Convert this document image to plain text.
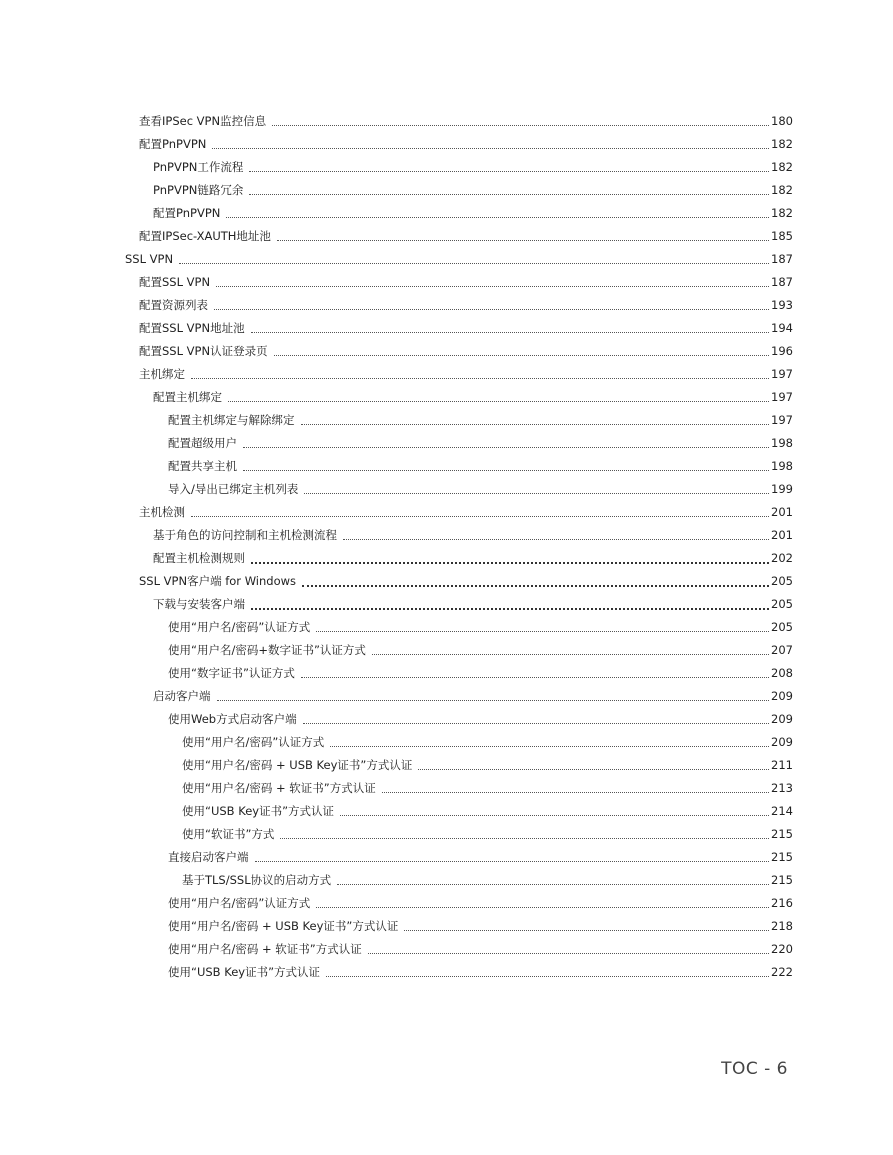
查看IPSec VPN监控信息	180
配置PnPVPN	182
PnPVPN工作流程	182
PnPVPN链路冗余	182
配置PnPVPN	182
配置IPSec-XAUTH地址池	185
SSL VPN	187
配置SSL VPN	187
配置资源列表	193
配置SSL VPN地址池	194
配置SSL VPN认证登录页	196
主机绑定	197
配置主机绑定	197
配置主机绑定与解除绑定	197
配置超级用户	198
配置共享主机	198
导入/导出已绑定主机列表	199
主机检测	201
基于角色的访问控制和主机检测流程	201
配置主机检测规则	202
SSL VPN客户端 for Windows	205
下载与安装客户端	205
使用“用户名/密码”认证方式	205
使用“用户名/密码+数字证书”认证方式	207
使用“数字证书”认证方式	208
启动客户端	209
使用Web方式启动客户端	209
使用“用户名/密码”认证方式	209
使用“用户名/密码 + USB Key证书”方式认证	211
使用“用户名/密码 + 软证书”方式认证	213
使用“USB Key证书”方式认证	214
使用“软证书”方式	215
直接启动客户端	215
基于TLS/SSL协议的启动方式	215
使用“用户名/密码”认证方式	216
使用“用户名/密码 + USB Key证书”方式认证	218
使用“用户名/密码 + 软证书”方式认证	220
使用“USB Key证书”方式认证	222
TOC - 6
